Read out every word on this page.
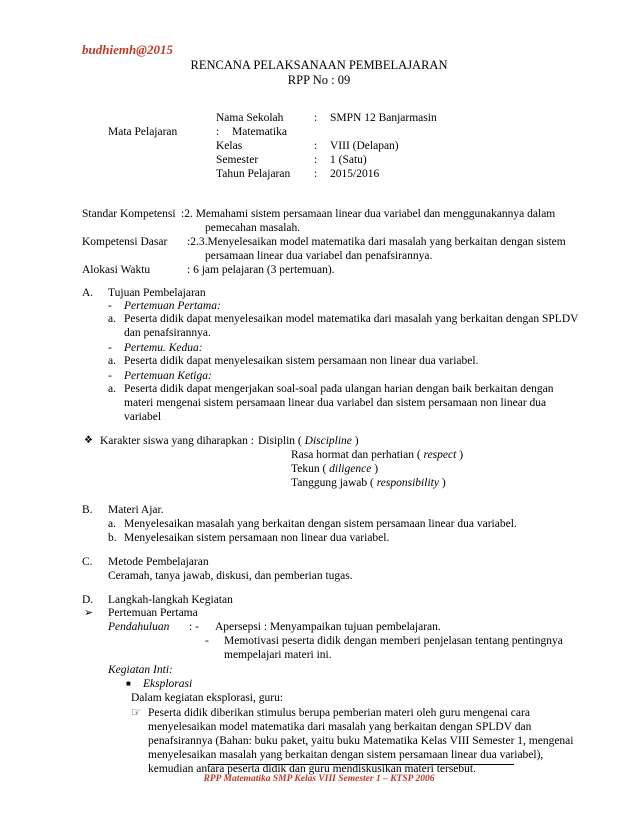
budhiemh@2015
RENCANA PELAKSANAAN PEMBELAJARAN
RPP No : 09
Nama Sekolah	: SMPN 12 Banjarmasin
Mata Pelajaran	: Matematika
Kelas	: VIII (Delapan)
Semester	: 1 (Satu)
Tahun Pelajaran : 2015/2016
Standar Kompetensi :2. Memahami sistem persamaan linear dua variabel dan menggunakannya dalam
pemecahan masalah.
Kompetensi Dasar :2.3.Menyelesaikan model matematika dari masalah yang berkaitan dengan sistem
persamaan linear dua variabel dan penafsirannya.
Alokasi Waktu	: 6 jam pelajaran (3 pertemuan).
A. Tujuan Pembelajaran
- Pertemuan Pertama:
a. Peserta didik dapat menyelesaikan model matematika dari masalah yang berkaitan dengan SPLDV
dan penafsirannya.
- Pertemu. Kedua:
a. Peserta didik dapat menyelesaikan sistem persamaan non linear dua variabel.
- Pertemuan Ketiga:
a. Peserta didik dapat mengerjakan soal-soal pada ulangan harian dengan baik berkaitan dengan
materi mengenai sistem persamaan linear dua variabel dan sistem persamaan non linear dua
variabel
❖ Karakter siswa yang diharapkan : Disiplin ( Discipline )
Rasa hormat dan perhatian ( respect )
Tekun ( diligence )
Tanggung jawab ( responsibility )
B. Materi Ajar.
a. Menyelesaikan masalah yang berkaitan dengan sistem persamaan linear dua variabel.
b. Menyelesaikan sistem persamaan non linear dua variabel.
C. Metode Pembelajaran
Ceramah, tanya jawab, diskusi, dan pemberian tugas.
D. Langkah-langkah Kegiatan
➢ Pertemuan Pertama
Pendahuluan : - Apersepsi : Menyampaikan tujuan pembelajaran.
- Memotivasi peserta didik dengan memberi penjelasan tentang pentingnya
mempelajari materi ini.
Kegiatan Inti:
■ Eksplorasi
Dalam kegiatan eksplorasi, guru:
☞ Peserta didik diberikan stimulus berupa pemberian materi oleh guru mengenai cara
menyelesaikan model matematika dari masalah yang berkaitan dengan SPLDV dan
penafsirannya (Bahan: buku paket, yaitu buku Matematika Kelas VIII Semester 1, mengenai
menyelesaikan masalah yang berkaitan dengan sistem persamaan linear dua variabel),
kemudian antara peserta didik dan guru mendiskusikan materi tersebut.
RPP Matematika SMP Kelas VIII Semester 1 – KTSP 2006
